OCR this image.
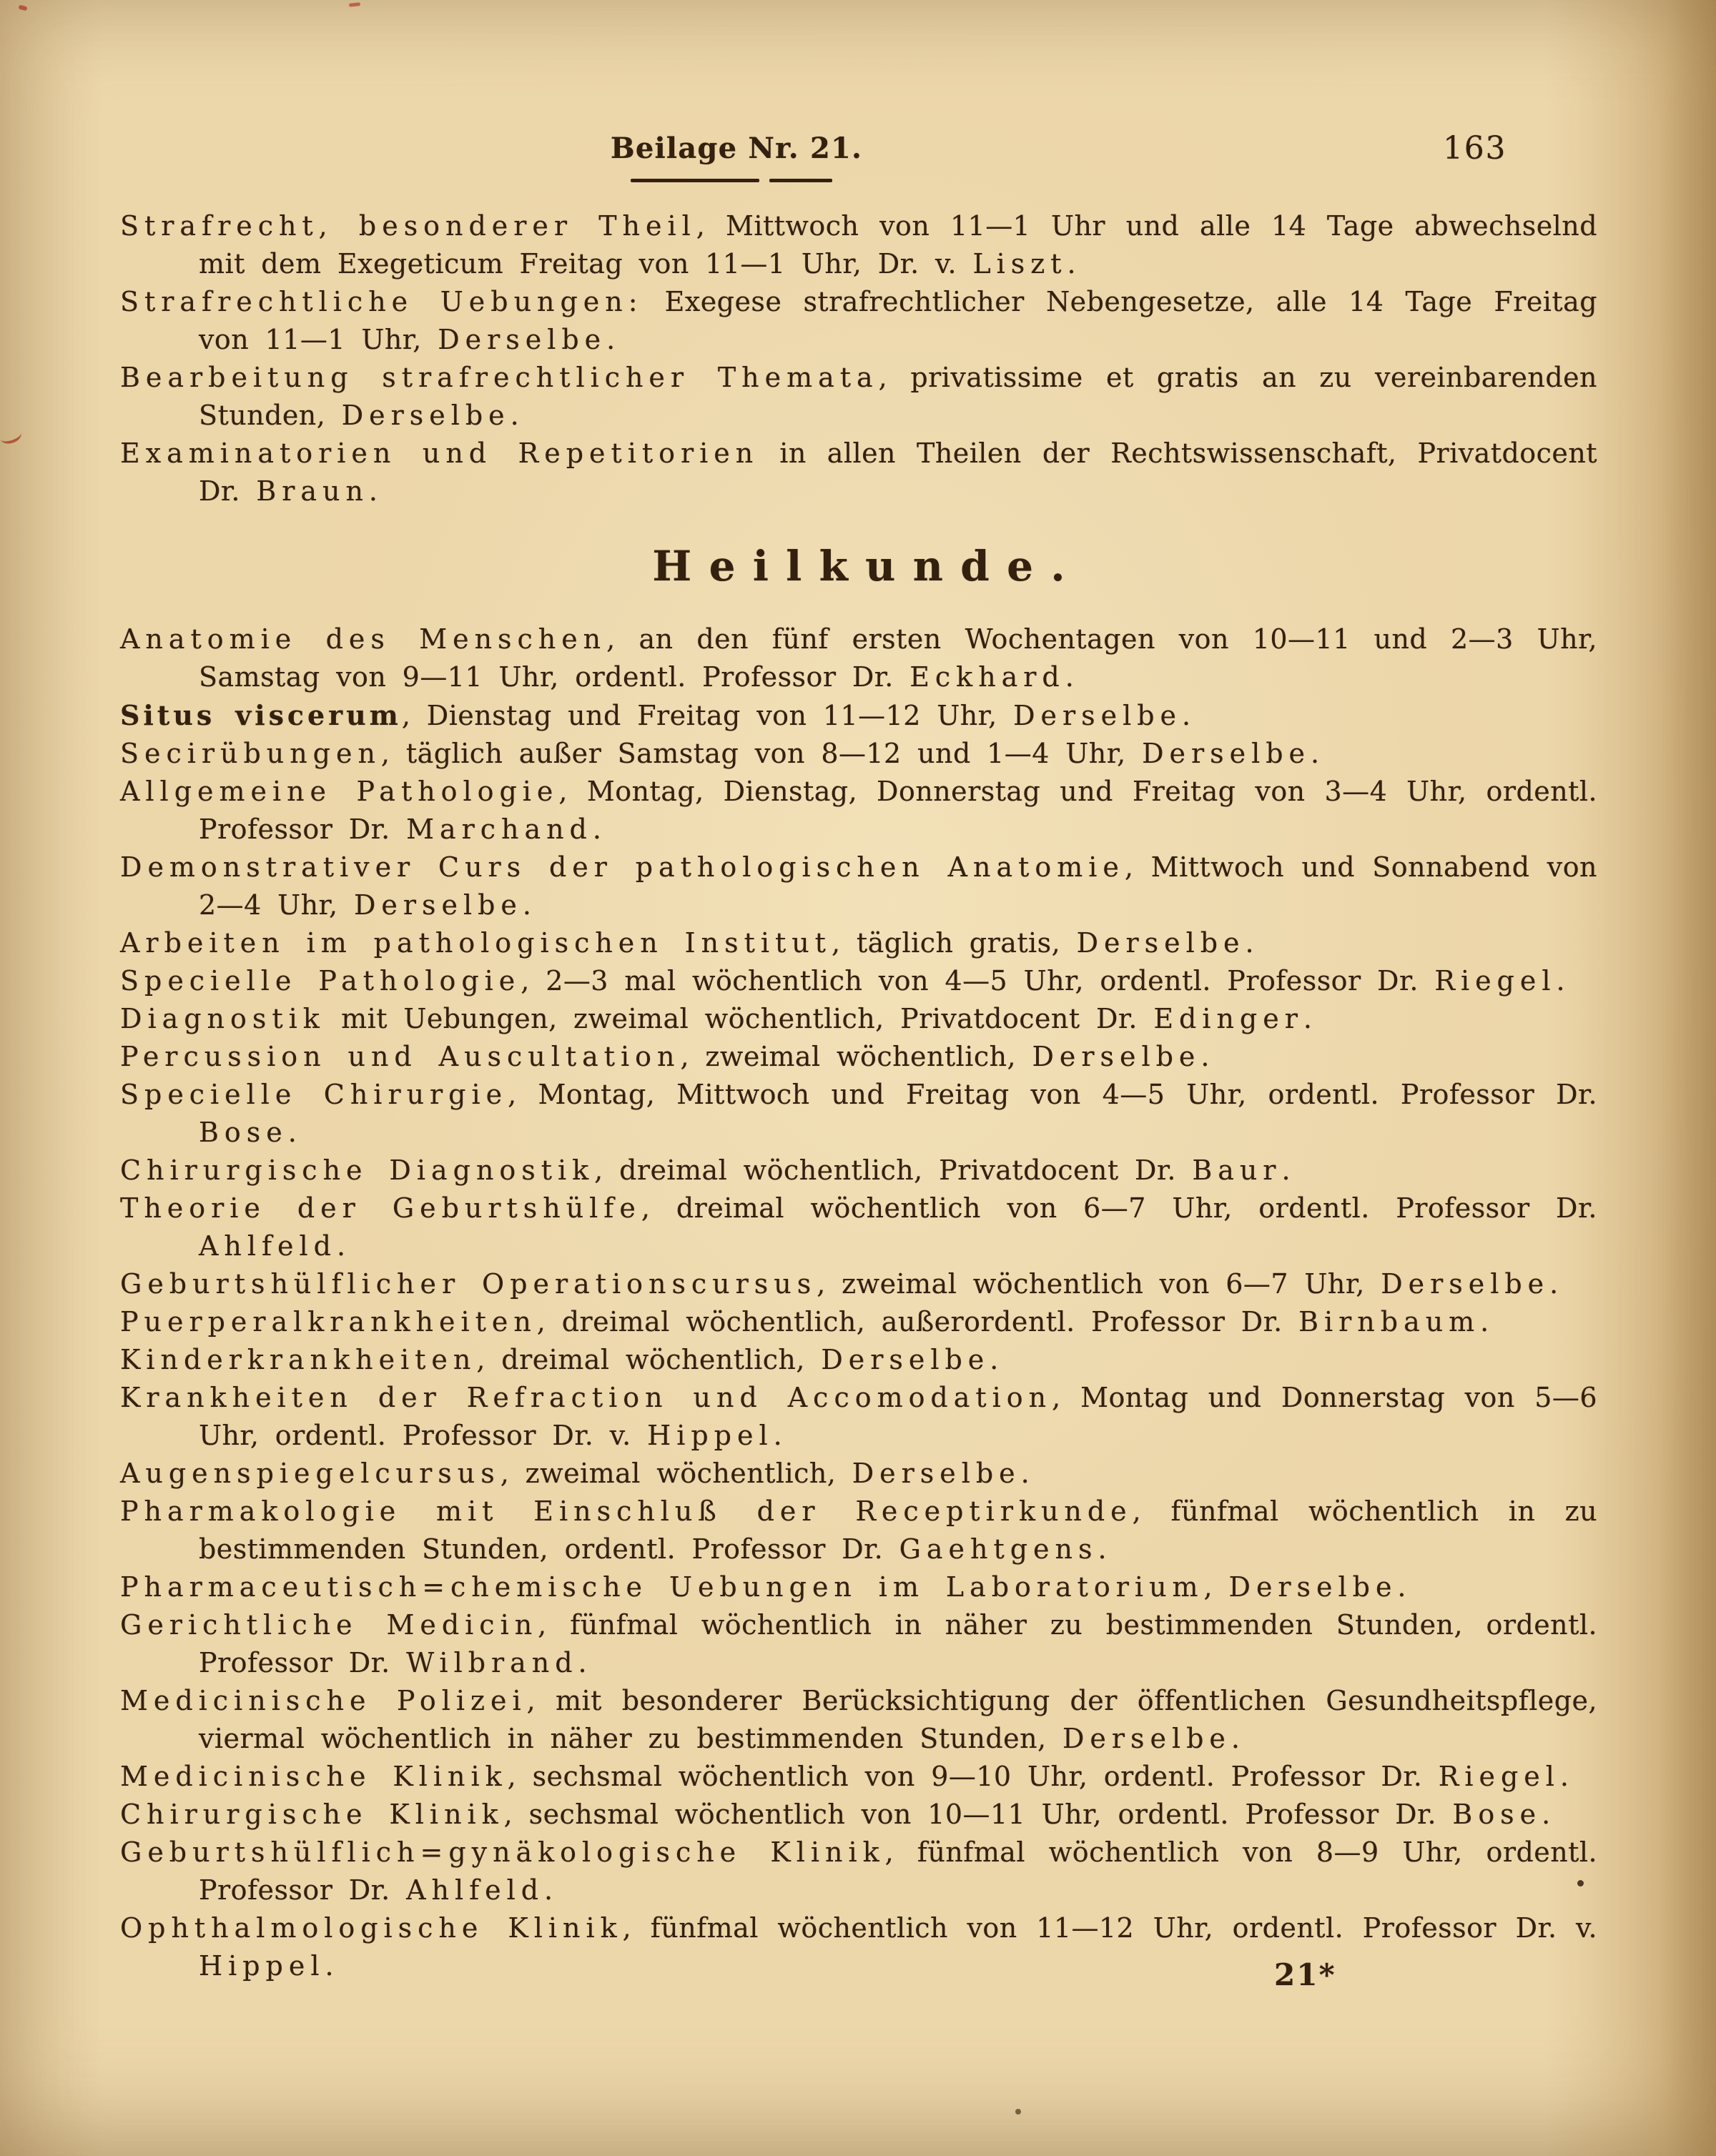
Beilage Nr. 21.	163

Strafrecht, besonderer Theil, Mittwoch von 11—1 Uhr und alle 14 Tage abwechselnd mit dem Exegeticum Freitag von 11—1 Uhr, Dr. v. Liszt.

Strafrechtliche Uebungen: Exegese strafrechtlicher Nebengesetze, alle 14 Tage Freitag von 11—1 Uhr, Derselbe.

Bearbeitung strafrechtlicher Themata, privatissime et gratis an zu vereinbarenden Stunden, Derselbe.

Examinatorien und Repetitorien in allen Theilen der Rechtswissenschaft, Privatdocent Dr. Braun.

Heilkunde.

Anatomie des Menschen, an den fünf ersten Wochentagen von 10—11 und 2—3 Uhr, Samstag von 9—11 Uhr, ordentl. Professor Dr. Eckhard.

Situs viscerum, Dienstag und Freitag von 11—12 Uhr, Derselbe.

Secirübungen, täglich außer Samstag von 8—12 und 1—4 Uhr, Derselbe.

Allgemeine Pathologie, Montag, Dienstag, Donnerstag und Freitag von 3—4 Uhr, ordentl. Professor Dr. Marchand.

Demonstrativer Curs der pathologischen Anatomie, Mittwoch und Sonnabend von 2—4 Uhr, Derselbe.

Arbeiten im pathologischen Institut, täglich gratis, Derselbe.

Specielle Pathologie, 2—3 mal wöchentlich von 4—5 Uhr, ordentl. Professor Dr. Riegel.

Diagnostik mit Uebungen, zweimal wöchentlich, Privatdocent Dr. Edinger.

Percussion und Auscultation, zweimal wöchentlich, Derselbe.

Specielle Chirurgie, Montag, Mittwoch und Freitag von 4—5 Uhr, ordentl. Professor Dr. Bose.

Chirurgische Diagnostik, dreimal wöchentlich, Privatdocent Dr. Baur.

Theorie der Geburtshülfe, dreimal wöchentlich von 6—7 Uhr, ordentl. Professor Dr. Ahlfeld.

Geburtshülflicher Operationscursus, zweimal wöchentlich von 6—7 Uhr, Derselbe.

Puerperalkrankheiten, dreimal wöchentlich, außerordentl. Professor Dr. Birnbaum.

Kinderkrankheiten, dreimal wöchentlich, Derselbe.

Krankheiten der Refraction und Accomodation, Montag und Donnerstag von 5—6 Uhr, ordentl. Professor Dr. v. Hippel.

Augenspiegelcursus, zweimal wöchentlich, Derselbe.

Pharmakologie mit Einschluß der Receptirkunde, fünfmal wöchentlich in zu bestimmenden Stunden, ordentl. Professor Dr. Gaehtgens.

Pharmaceutisch=chemische Uebungen im Laboratorium, Derselbe.

Gerichtliche Medicin, fünfmal wöchentlich in näher zu bestimmenden Stunden, ordentl. Professor Dr. Wilbrand.

Medicinische Polizei, mit besonderer Berücksichtigung der öffentlichen Gesundheitspflege, viermal wöchentlich in näher zu bestimmenden Stunden, Derselbe.

Medicinische Klinik, sechsmal wöchentlich von 9—10 Uhr, ordentl. Professor Dr. Riegel.

Chirurgische Klinik, sechsmal wöchentlich von 10—11 Uhr, ordentl. Professor Dr. Bose.

Geburtshülflich=gynäkologische Klinik, fünfmal wöchentlich von 8—9 Uhr, ordentl. Professor Dr. Ahlfeld.

Ophthalmologische Klinik, fünfmal wöchentlich von 11—12 Uhr, ordentl. Professor Dr. v. Hippel.	21*
